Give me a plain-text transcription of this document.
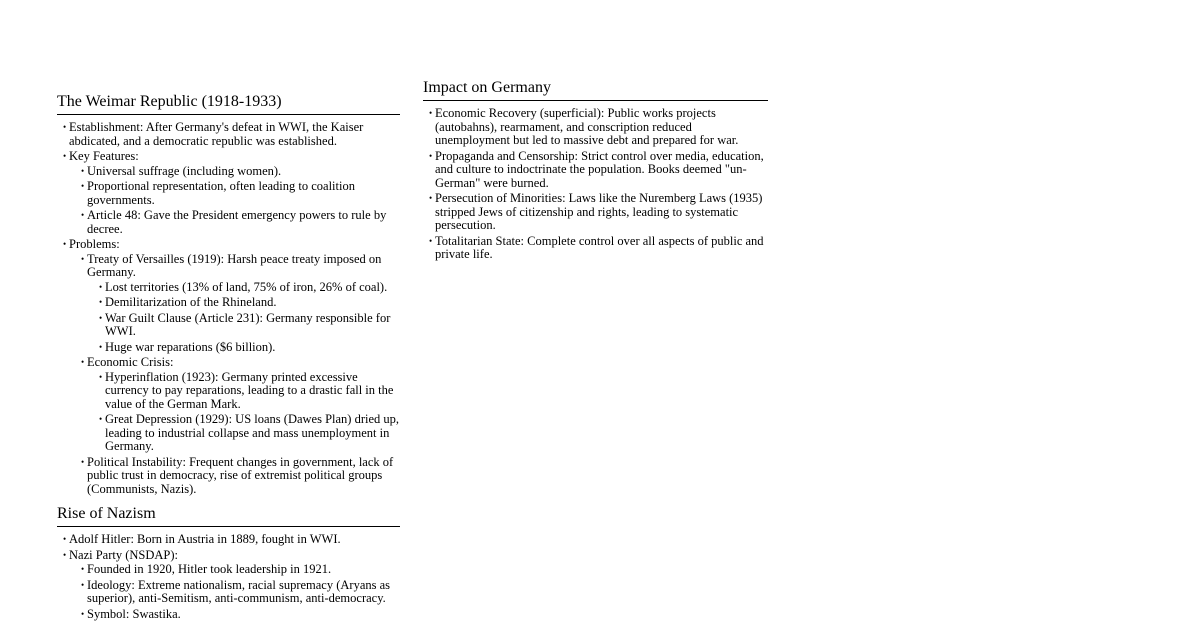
The Weimar Republic (1918-1933)
• Establishment: After Germany's defeat in WWI, the Kaiser abdicated, and a democratic republic was established.
• Key Features:
• Universal suffrage (including women).
• Proportional representation, often leading to coalition governments.
• Article 48: Gave the President emergency powers to rule by decree.
• Problems:
• Treaty of Versailles (1919): Harsh peace treaty imposed on Germany.
• Lost territories (13% of land, 75% of iron, 26% of coal).
• Demilitarization of the Rhineland.
• War Guilt Clause (Article 231): Germany responsible for WWI.
• Huge war reparations ($6 billion).
• Economic Crisis:
• Hyperinflation (1923): Germany printed excessive currency to pay reparations, leading to a drastic fall in the value of the German Mark.
• Great Depression (1929): US loans (Dawes Plan) dried up, leading to industrial collapse and mass unemployment in Germany.
• Political Instability: Frequent changes in government, lack of public trust in democracy, rise of extremist political groups (Communists, Nazis).
Rise of Nazism
• Adolf Hitler: Born in Austria in 1889, fought in WWI.
• Nazi Party (NSDAP):
• Founded in 1920, Hitler took leadership in 1921.
• Ideology: Extreme nationalism, racial supremacy (Aryans as superior), anti-Semitism, anti-communism, anti-democracy.
• Symbol: Swastika.
Impact on Germany
• Economic Recovery (superficial): Public works projects (autobahns), rearmament, and conscription reduced unemployment but led to massive debt and prepared for war.
• Propaganda and Censorship: Strict control over media, education, and culture to indoctrinate the population. Books deemed "un-German" were burned.
• Persecution of Minorities: Laws like the Nuremberg Laws (1935) stripped Jews of citizenship and rights, leading to systematic persecution.
• Totalitarian State: Complete control over all aspects of public and private life.
